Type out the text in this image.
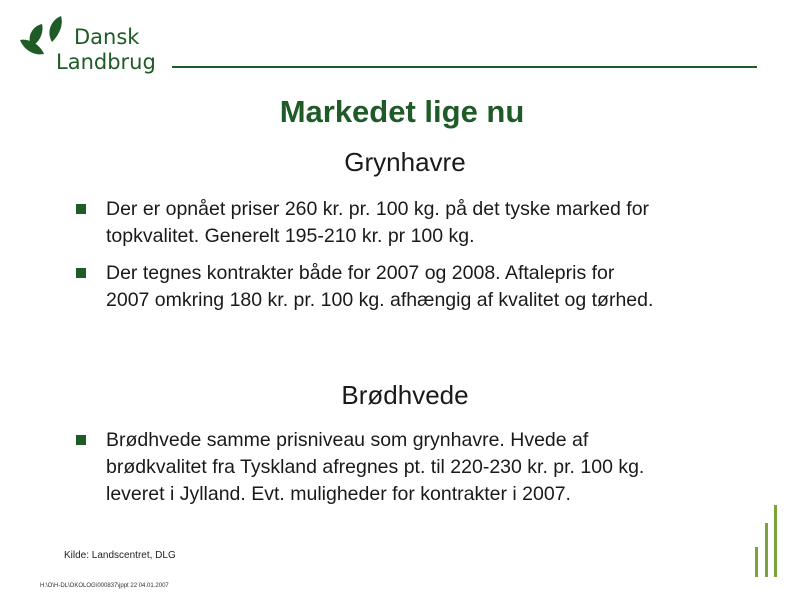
Dansk
Landbrug
Markedet lige nu
Grynhavre
Der er opnået priser 260 kr. pr. 100 kg. på det tyske marked for
topkvalitet. Generelt 195-210 kr. pr 100 kg.
Der tegnes kontrakter både for 2007 og 2008. Aftalepris for
2007 omkring 180 kr. pr. 100 kg. afhængig af kvalitet og tørhed.
Brødhvede
Brødhvede samme prisniveau som grynhavre. Hvede af
brødkvalitet fra Tyskland afregnes pt. til 220-230 kr. pr. 100 kg.
leveret i Jylland. Evt. muligheder for kontrakter i 2007.
Kilde: Landscentret, DLG
H:\O\H-DL\OKOLOG\000837\jppt 22 04.01.2007
